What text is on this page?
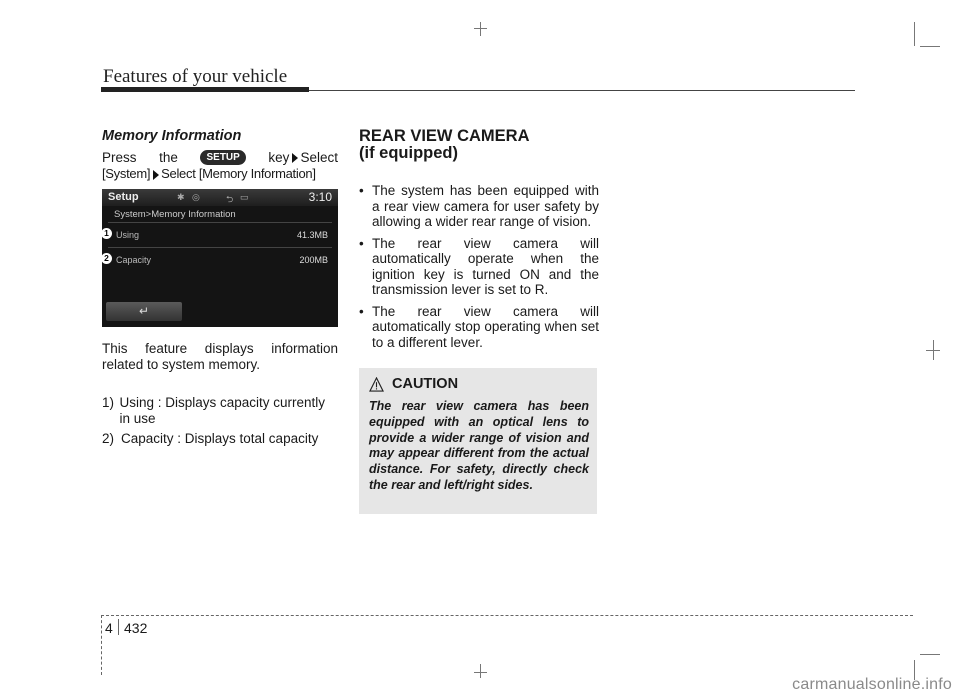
Features of your vehicle
Memory Information
Press the	SETUP	key Select
[System] Select [Memory Information]
Setup	✱ ◎	⮌ ▭	3:10
System>Memory Information
1 Using	41.3MB
2 Capacity	200MB
↵
This feature displays information related to system memory.
1) Using : Displays capacity currently in use
2) Capacity : Displays total capacity
REAR VIEW CAMERA
(if equipped)
• The system has been equipped with a rear view camera for user safety by allowing a wider rear range of vision.
• The rear view camera will automatically operate when the ignition key is turned ON and the transmission lever is set to R.
• The rear view camera will automatically stop operating when set to a different lever.
CAUTION
The rear view camera has been equipped with an optical lens to provide a wider range of vision and may appear different from the actual distance. For safety, directly check the rear and left/right sides.
4 432
carmanualsonline.info
